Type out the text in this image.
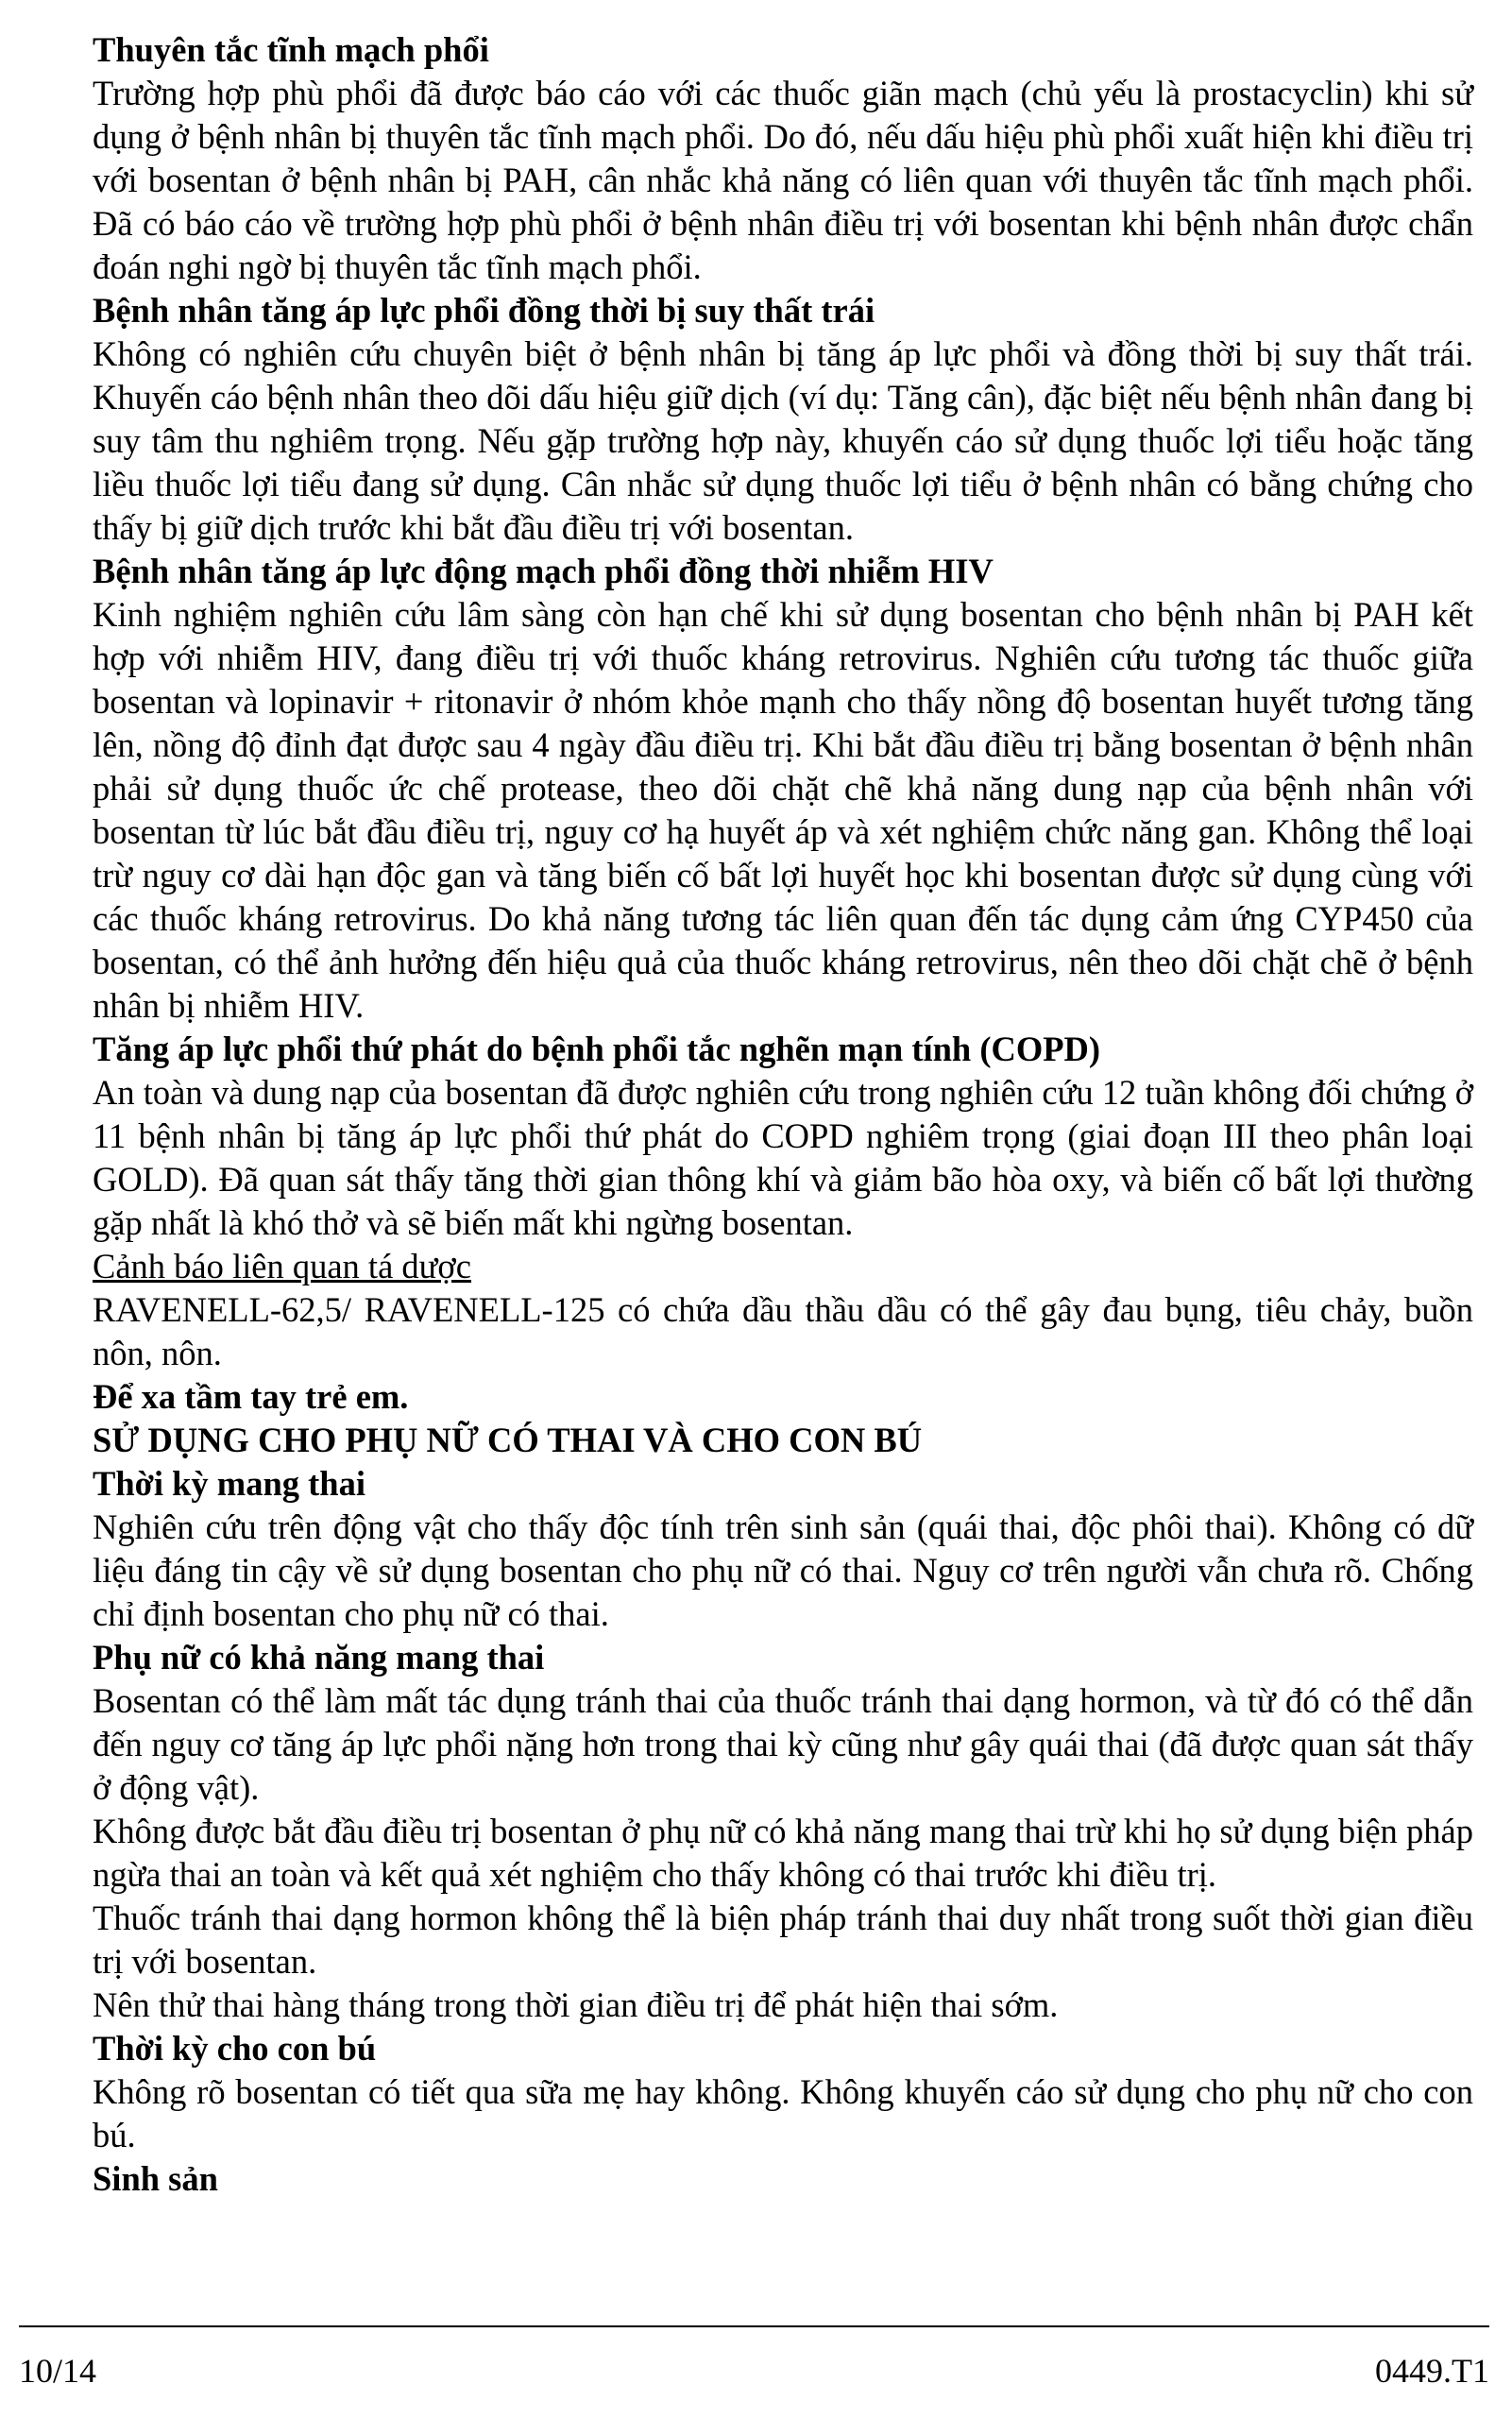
Thuyên tắc tĩnh mạch phổi

Trường hợp phù phổi đã được báo cáo với các thuốc giãn mạch (chủ yếu là prostacyclin) khi sử dụng ở bệnh nhân bị thuyên tắc tĩnh mạch phổi. Do đó, nếu dấu hiệu phù phổi xuất hiện khi điều trị với bosentan ở bệnh nhân bị PAH, cân nhắc khả năng có liên quan với thuyên tắc tĩnh mạch phổi. Đã có báo cáo về trường hợp phù phổi ở bệnh nhân điều trị với bosentan khi bệnh nhân được chẩn đoán nghi ngờ bị thuyên tắc tĩnh mạch phổi.

Bệnh nhân tăng áp lực phổi đồng thời bị suy thất trái

Không có nghiên cứu chuyên biệt ở bệnh nhân bị tăng áp lực phổi và đồng thời bị suy thất trái. Khuyến cáo bệnh nhân theo dõi dấu hiệu giữ dịch (ví dụ: Tăng cân), đặc biệt nếu bệnh nhân đang bị suy tâm thu nghiêm trọng. Nếu gặp trường hợp này, khuyến cáo sử dụng thuốc lợi tiểu hoặc tăng liều thuốc lợi tiểu đang sử dụng. Cân nhắc sử dụng thuốc lợi tiểu ở bệnh nhân có bằng chứng cho thấy bị giữ dịch trước khi bắt đầu điều trị với bosentan.

Bệnh nhân tăng áp lực động mạch phổi đồng thời nhiễm HIV

Kinh nghiệm nghiên cứu lâm sàng còn hạn chế khi sử dụng bosentan cho bệnh nhân bị PAH kết hợp với nhiễm HIV, đang điều trị với thuốc kháng retrovirus. Nghiên cứu tương tác thuốc giữa bosentan và lopinavir + ritonavir ở nhóm khỏe mạnh cho thấy nồng độ bosentan huyết tương tăng lên, nồng độ đỉnh đạt được sau 4 ngày đầu điều trị. Khi bắt đầu điều trị bằng bosentan ở bệnh nhân phải sử dụng thuốc ức chế protease, theo dõi chặt chẽ khả năng dung nạp của bệnh nhân với bosentan từ lúc bắt đầu điều trị, nguy cơ hạ huyết áp và xét nghiệm chức năng gan. Không thể loại trừ nguy cơ dài hạn độc gan và tăng biến cố bất lợi huyết học khi bosentan được sử dụng cùng với các thuốc kháng retrovirus. Do khả năng tương tác liên quan đến tác dụng cảm ứng CYP450 của bosentan, có thể ảnh hưởng đến hiệu quả của thuốc kháng retrovirus, nên theo dõi chặt chẽ ở bệnh nhân bị nhiễm HIV.

Tăng áp lực phổi thứ phát do bệnh phổi tắc nghẽn mạn tính (COPD)

An toàn và dung nạp của bosentan đã được nghiên cứu trong nghiên cứu 12 tuần không đối chứng ở 11 bệnh nhân bị tăng áp lực phổi thứ phát do COPD nghiêm trọng (giai đoạn III theo phân loại GOLD). Đã quan sát thấy tăng thời gian thông khí và giảm bão hòa oxy, và biến cố bất lợi thường gặp nhất là khó thở và sẽ biến mất khi ngừng bosentan.

Cảnh báo liên quan tá dược

RAVENELL-62,5/ RAVENELL-125 có chứa dầu thầu dầu có thể gây đau bụng, tiêu chảy, buồn nôn, nôn.

Để xa tầm tay trẻ em.

SỬ DỤNG CHO PHỤ NỮ CÓ THAI VÀ CHO CON BÚ

Thời kỳ mang thai

Nghiên cứu trên động vật cho thấy độc tính trên sinh sản (quái thai, độc phôi thai). Không có dữ liệu đáng tin cậy về sử dụng bosentan cho phụ nữ có thai. Nguy cơ trên người vẫn chưa rõ. Chống chỉ định bosentan cho phụ nữ có thai.

Phụ nữ có khả năng mang thai

Bosentan có thể làm mất tác dụng tránh thai của thuốc tránh thai dạng hormon, và từ đó có thể dẫn đến nguy cơ tăng áp lực phổi nặng hơn trong thai kỳ cũng như gây quái thai (đã được quan sát thấy ở động vật).

Không được bắt đầu điều trị bosentan ở phụ nữ có khả năng mang thai trừ khi họ sử dụng biện pháp ngừa thai an toàn và kết quả xét nghiệm cho thấy không có thai trước khi điều trị.

Thuốc tránh thai dạng hormon không thể là biện pháp tránh thai duy nhất trong suốt thời gian điều trị với bosentan.

Nên thử thai hàng tháng trong thời gian điều trị để phát hiện thai sớm.

Thời kỳ cho con bú

Không rõ bosentan có tiết qua sữa mẹ hay không. Không khuyến cáo sử dụng cho phụ nữ cho con bú.

Sinh sản

10/14	0449.T1
